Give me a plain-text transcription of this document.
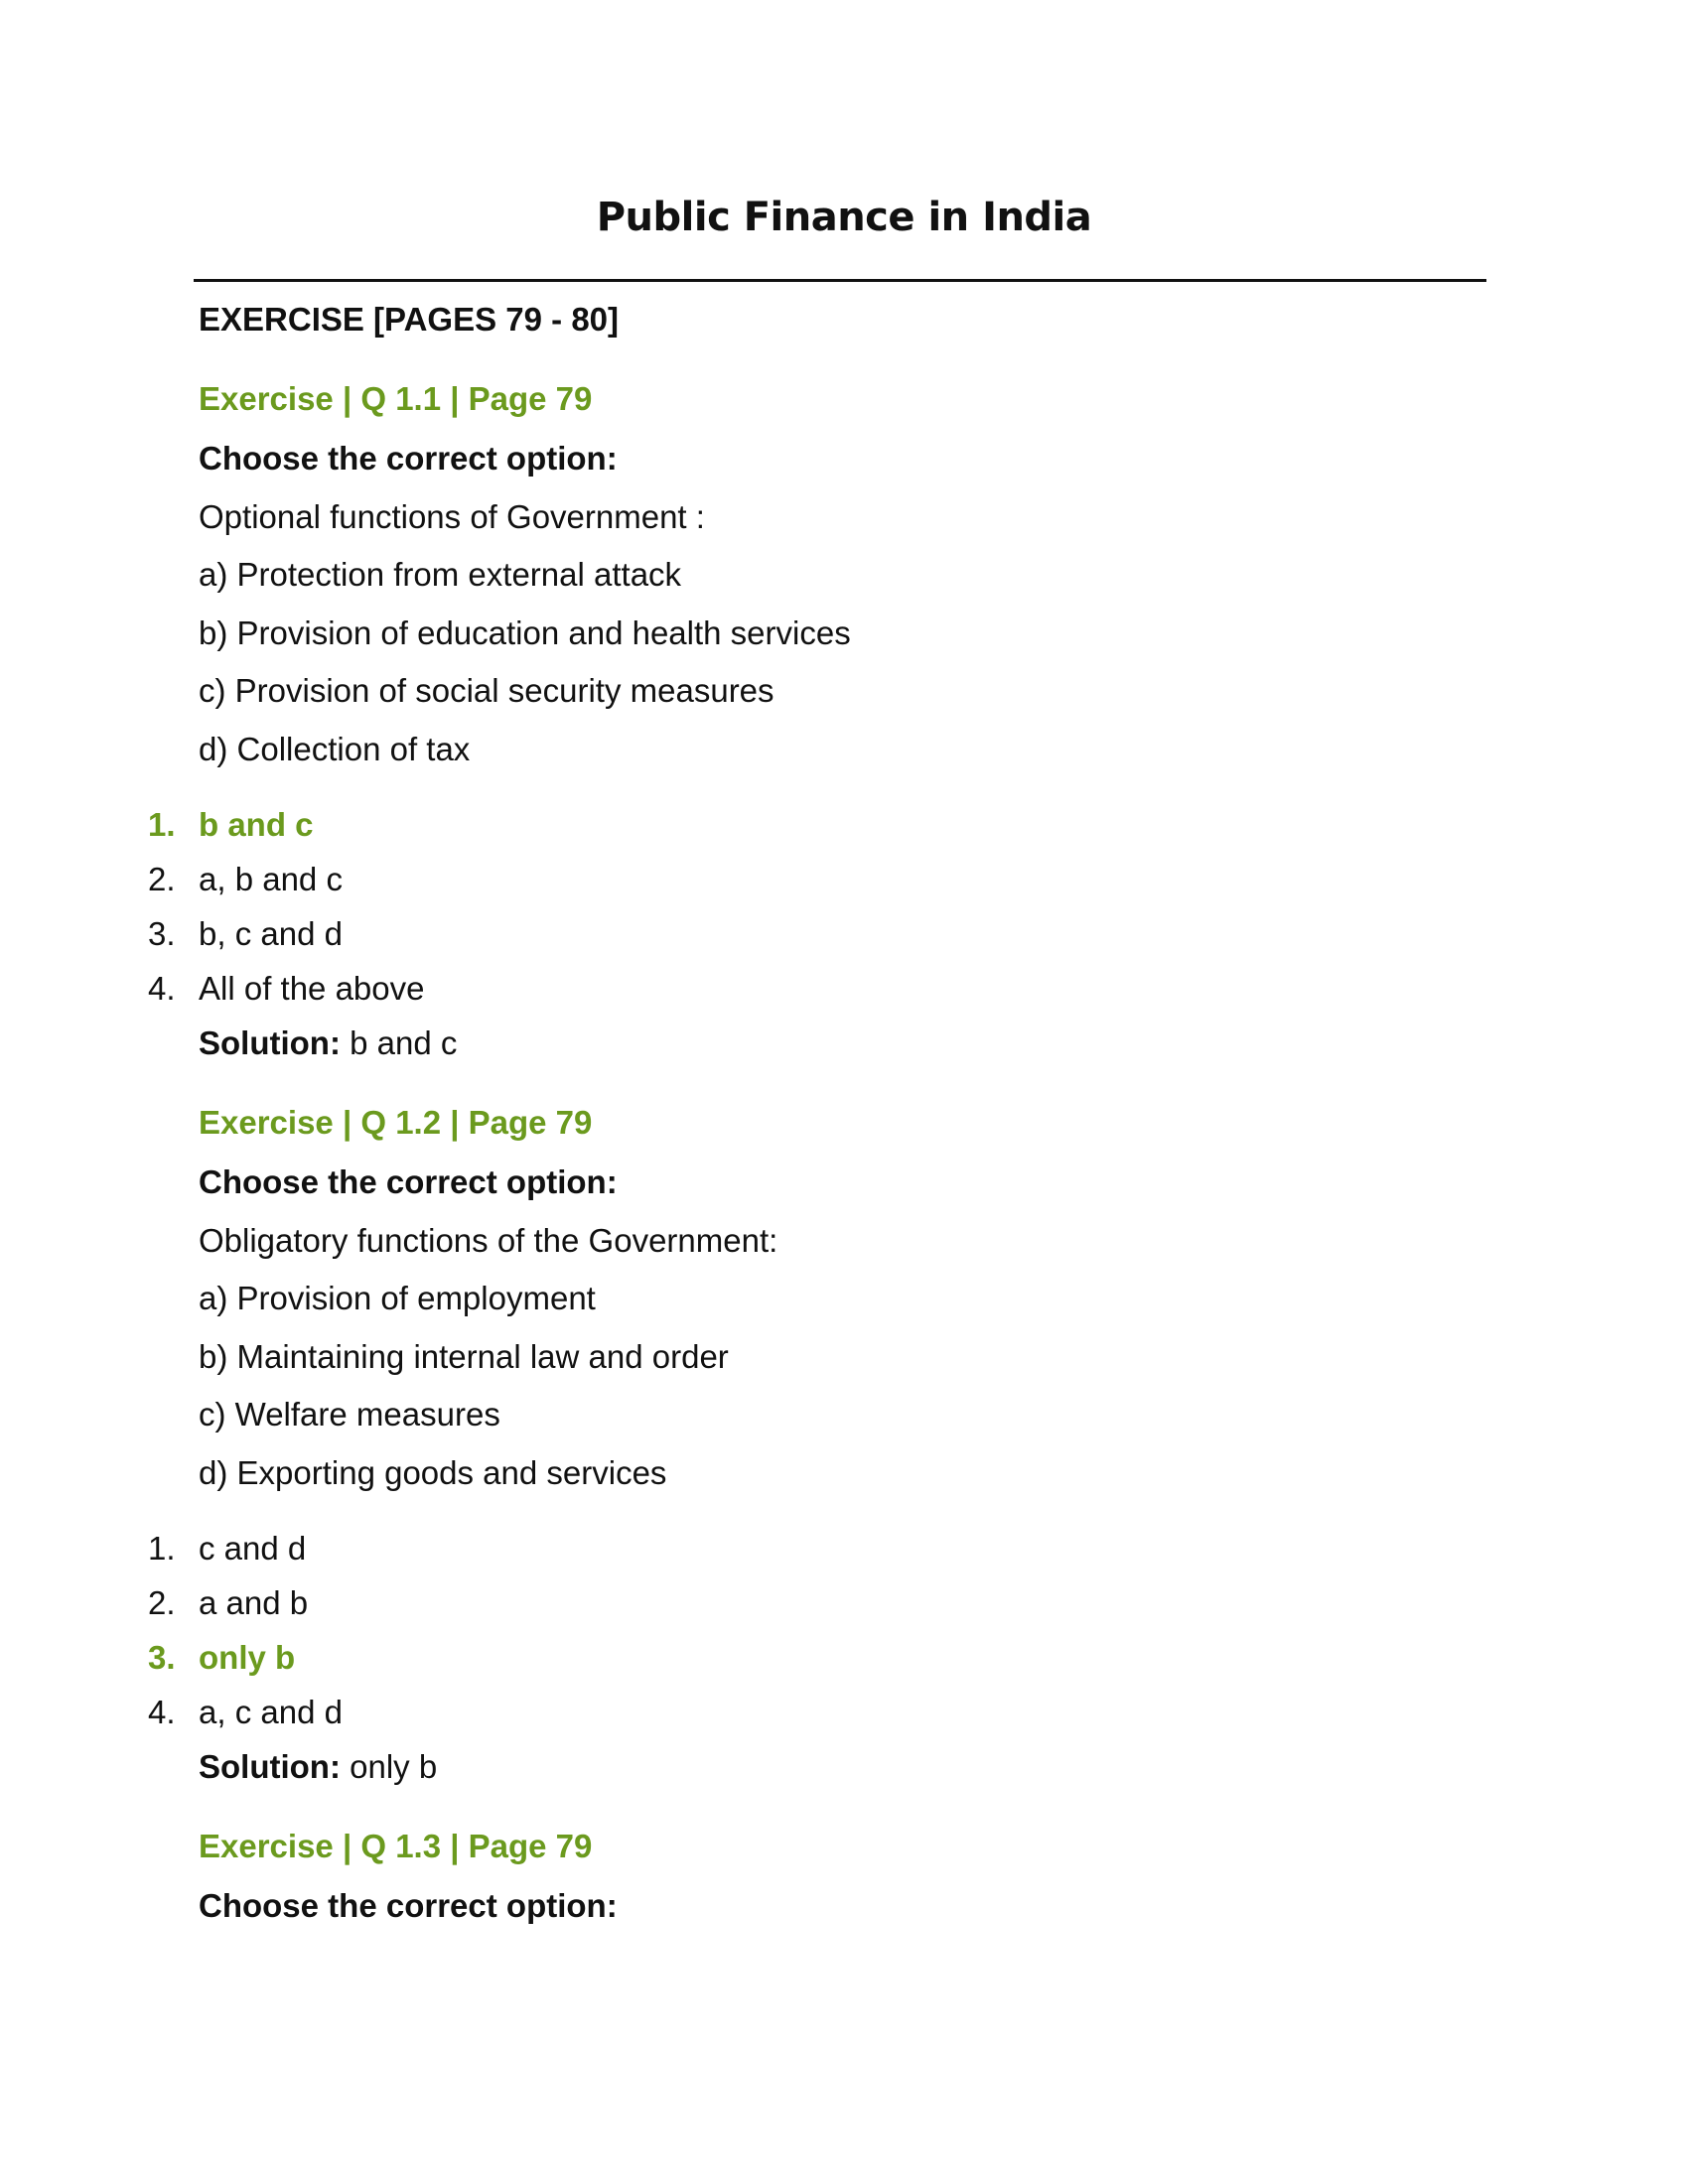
Public Finance in India
EXERCISE [PAGES 79 - 80]
Exercise | Q 1.1 | Page 79
Choose the correct option:
Optional functions of Government :
a) Protection from external attack
b) Provision of education and health services
c) Provision of social security measures
d) Collection of tax
1. b and c
2. a, b and c
3. b, c and d
4. All of the above
Solution: b and c
Exercise | Q 1.2 | Page 79
Choose the correct option:
Obligatory functions of the Government:
a) Provision of employment
b) Maintaining internal law and order
c) Welfare measures
d) Exporting goods and services
1. c and d
2. a and b
3. only b
4. a, c and d
Solution: only b
Exercise | Q 1.3 | Page 79
Choose the correct option:
